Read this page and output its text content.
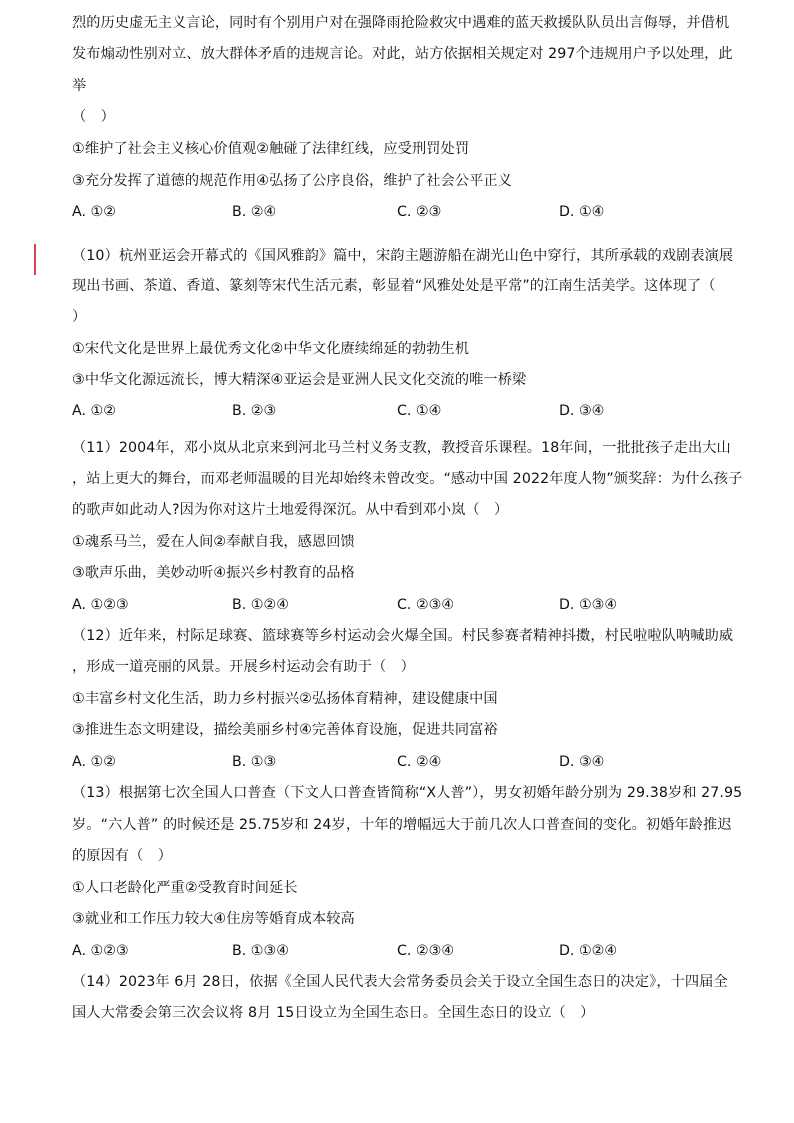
烈的历史虚无主义言论，同时有个别用户对在强降雨抢险救灾中遇难的蓝天救援队队员出言侮辱，并借机
发布煽动性别对立、放大群体矛盾的违规言论。对此，站方依据相关规定对 297个违规用户予以处理，此
举
（　）
①维护了社会主义核心价值观②触碰了法律红线，应受刑罚处罚
③充分发挥了道德的规范作用④弘扬了公序良俗，维护了社会公平正义
A. ①②	B. ②④	C. ②③	D. ①④
（10）杭州亚运会开幕式的《国风雅韵》篇中，宋韵主题游船在湖光山色中穿行，其所承载的戏剧表演展
现出书画、茶道、香道、篆刻等宋代生活元素，彰显着“风雅处处是平常”的江南生活美学。这体现了（
）
①宋代文化是世界上最优秀文化②中华文化赓续绵延的勃勃生机
③中华文化源远流长，博大精深④亚运会是亚洲人民文化交流的唯一桥梁
A. ①②	B. ②③	C. ①④	D. ③④
（11）2004年，邓小岚从北京来到河北马兰村义务支教，教授音乐课程。18年间，一批批孩子走出大山
，站上更大的舞台，而邓老师温暖的目光却始终未曾改变。“感动中国 2022年度人物”颁奖辞：为什么孩子
的歌声如此动人?因为你对这片土地爱得深沉。从中看到邓小岚（　）
①魂系马兰，爱在人间②奉献自我，感恩回馈
③歌声乐曲，美妙动听④振兴乡村教育的品格
A. ①②③	B. ①②④	C. ②③④	D. ①③④
（12）近年来，村际足球赛、篮球赛等乡村运动会火爆全国。村民参赛者精神抖擞，村民啦啦队呐喊助威
，形成一道亮丽的风景。开展乡村运动会有助于（　）
①丰富乡村文化生活，助力乡村振兴②弘扬体育精神，建设健康中国
③推进生态文明建设，描绘美丽乡村④完善体育设施，促进共同富裕
A. ①②	B. ①③	C. ②④	D. ③④
（13）根据第七次全国人口普查（下文人口普查皆简称“X人普”），男女初婚年龄分别为 29.38岁和 27.95
岁。“六人普” 的时候还是 25.75岁和 24岁，十年的增幅远大于前几次人口普查间的变化。初婚年龄推迟
的原因有（　）
①人口老龄化严重②受教育时间延长
③就业和工作压力较大④住房等婚育成本较高
A. ①②③	B. ①③④	C. ②③④	D. ①②④
（14）2023年 6月 28日，依据《全国人民代表大会常务委员会关于设立全国生态日的决定》，十四届全
国人大常委会第三次会议将 8月 15日设立为全国生态日。全国生态日的设立（　）
